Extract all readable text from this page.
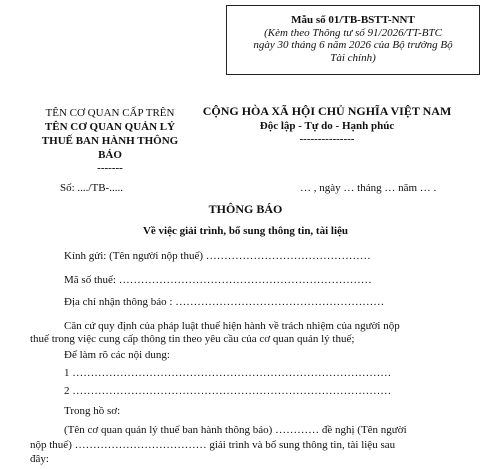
Mẫu số 01/TB-BSTT-NNT
(Kèm theo Thông tư số 91/2026/TT-BTC
ngày 30 tháng 6 năm 2026 của Bộ trưởng Bộ
Tài chính)
TÊN CƠ QUAN CẤP TRÊN
TÊN CƠ QUAN QUẢN LÝ
THUẾ BAN HÀNH THÔNG
BÁO
-------
CỘNG HÒA XÃ HỘI CHỦ NGHĨA VIỆT NAM
Độc lập - Tự do - Hạnh phúc
---------------
Số: ..../TB-.....	… , ngày … tháng … năm … .
THÔNG BÁO
Về việc giải trình, bổ sung thông tin, tài liệu
Kính gửi: (Tên người nộp thuế) ………………………………………
Mã số thuế: ……………………………………………………………
Địa chỉ nhận thông báo : …………………………………………………
Căn cứ quy định của pháp luật thuế hiện hành về trách nhiệm của người nộp
thuế trong việc cung cấp thông tin theo yêu cầu của cơ quan quản lý thuế;
Để làm rõ các nội dung:
1 ……………………………………………………………………………
2 ……………………………………………………………………………
Trong hồ sơ:
(Tên cơ quan quản lý thuế ban hành thông báo) ………… đề nghị (Tên người
nộp thuế) ……………………………… giải trình và bổ sung thông tin, tài liệu sau
đây:
